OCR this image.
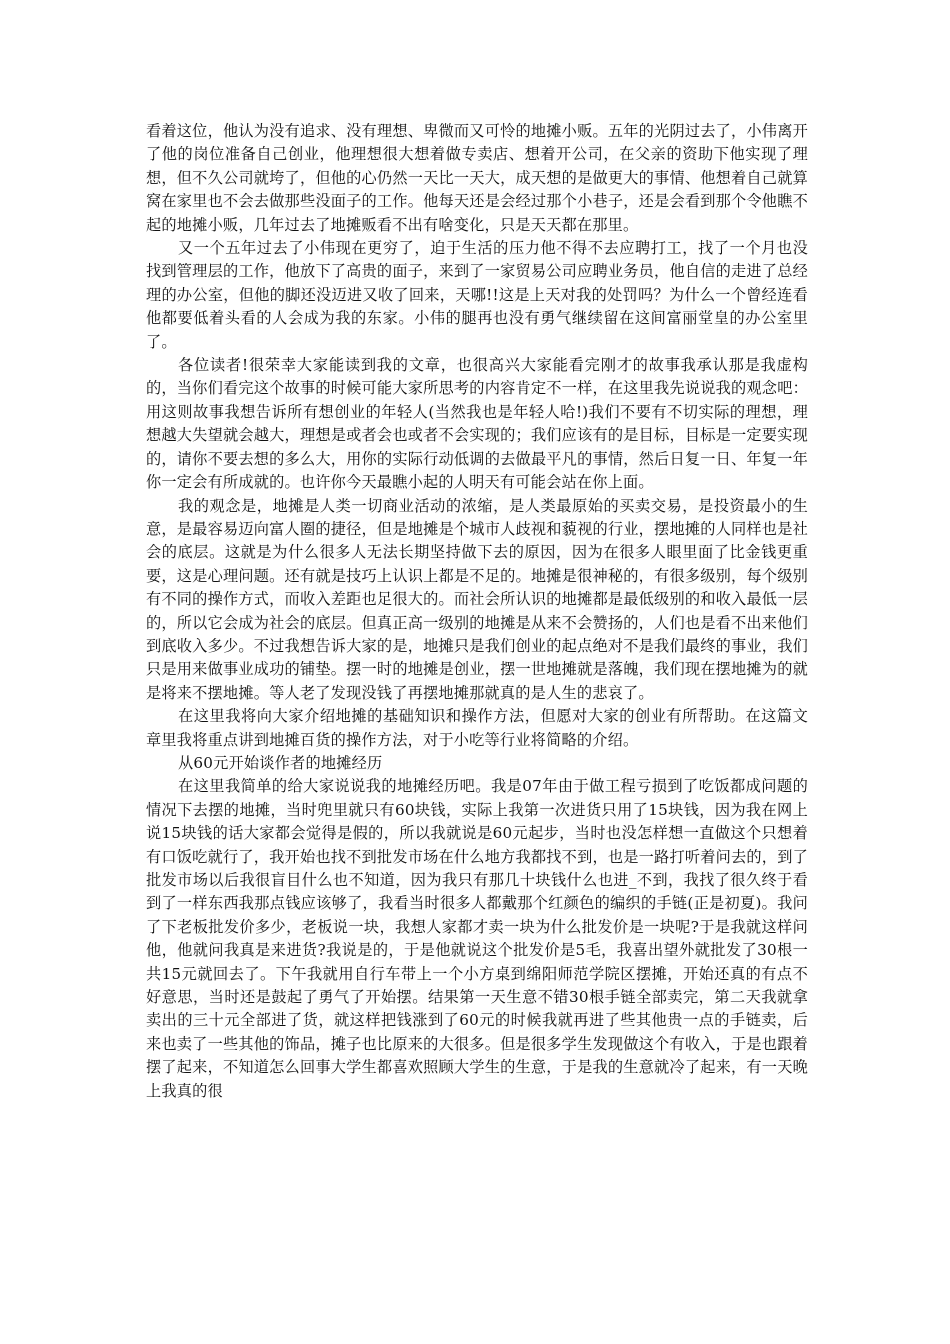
看着这位，他认为没有追求、没有理想、卑微而又可怜的地摊小贩。五年的光阴过去了，小伟离开了他的岗位准备自己创业，他理想很大想着做专卖店、想着开公司，在父亲的资助下他实现了理想，但不久公司就垮了，但他的心仍然一天比一天大，成天想的是做更大的事情、他想着自己就算窝在家里也不会去做那些没面子的工作。他每天还是会经过那个小巷子，还是会看到那个令他瞧不起的地摊小贩，几年过去了地摊贩看不出有啥变化，只是天天都在那里。

又一个五年过去了小伟现在更穷了，迫于生活的压力他不得不去应聘打工，找了一个月也没找到管理层的工作，他放下了高贵的面子，来到了一家贸易公司应聘业务员，他自信的走进了总经理的办公室，但他的脚还没迈进又收了回来，天哪!!这是上天对我的处罚吗？为什么一个曾经连看他都要低着头看的人会成为我的东家。小伟的腿再也没有勇气继续留在这间富丽堂皇的办公室里了。

各位读者!很荣幸大家能读到我的文章，也很高兴大家能看完刚才的故事我承认那是我虚构的，当你们看完这个故事的时候可能大家所思考的内容肯定不一样，在这里我先说说我的观念吧：用这则故事我想告诉所有想创业的年轻人(当然我也是年轻人哈!)我们不要有不切实际的理想，理想越大失望就会越大，理想是或者会也或者不会实现的；我们应该有的是目标，目标是一定要实现的，请你不要去想的多么大，用你的实际行动低调的去做最平凡的事情，然后日复一日、年复一年你一定会有所成就的。也许你今天最瞧小起的人明天有可能会站在你上面。

我的观念是，地摊是人类一切商业活动的浓缩，是人类最原始的买卖交易，是投资最小的生意，是最容易迈向富人圈的捷径，但是地摊是个城市人歧视和藐视的行业，摆地摊的人同样也是社会的底层。这就是为什么很多人无法长期坚持做下去的原因，因为在很多人眼里面了比金钱更重要，这是心理问题。还有就是技巧上认识上都是不足的。地摊是很神秘的，有很多级别，每个级别有不同的操作方式，而收入差距也足很大的。而社会所认识的地摊都是最低级别的和收入最低一层的，所以它会成为社会的底层。但真正高一级别的地摊是从来不会赞扬的，人们也是看不出来他们到底收入多少。不过我想告诉大家的是，地摊只是我们创业的起点绝对不是我们最终的事业，我们只是用来做事业成功的铺垫。摆一时的地摊是创业，摆一世地摊就是落魄，我们现在摆地摊为的就是将来不摆地摊。等人老了发现没钱了再摆地摊那就真的是人生的悲哀了。

在这里我将向大家介绍地摊的基础知识和操作方法，但愿对大家的创业有所帮助。在这篇文章里我将重点讲到地摊百货的操作方法，对于小吃等行业将简略的介绍。

从60元开始谈作者的地摊经历

在这里我简单的给大家说说我的地摊经历吧。我是07年由于做工程亏损到了吃饭都成问题的情况下去摆的地摊，当时兜里就只有60块钱，实际上我第一次进货只用了15块钱，因为我在网上说15块钱的话大家都会觉得是假的，所以我就说是60元起步，当时也没怎样想一直做这个只想着有口饭吃就行了，我开始也找不到批发市场在什么地方我都找不到，也是一路打听着问去的，到了批发市场以后我很盲目什么也不知道，因为我只有那几十块钱什么也进_不到，我找了很久终于看到了一样东西我那点钱应该够了，我看当时很多人都戴那个红颜色的编织的手链(正是初夏)。我问了下老板批发价多少，老板说一块，我想人家都才卖一块为什么批发价是一块呢?于是我就这样问他，他就问我真是来进货?我说是的，于是他就说这个批发价是5毛，我喜出望外就批发了30根一共15元就回去了。下午我就用自行车带上一个小方桌到绵阳师范学院区摆摊，开始还真的有点不好意思，当时还是鼓起了勇气了开始摆。结果第一天生意不错30根手链全部卖完，第二天我就拿卖出的三十元全部进了货，就这样把钱涨到了60元的时候我就再进了些其他贵一点的手链卖，后来也卖了一些其他的饰品，摊子也比原来的大很多。但是很多学生发现做这个有收入，于是也跟着摆了起来，不知道怎么回事大学生都喜欢照顾大学生的生意，于是我的生意就冷了起来，有一天晚上我真的很
